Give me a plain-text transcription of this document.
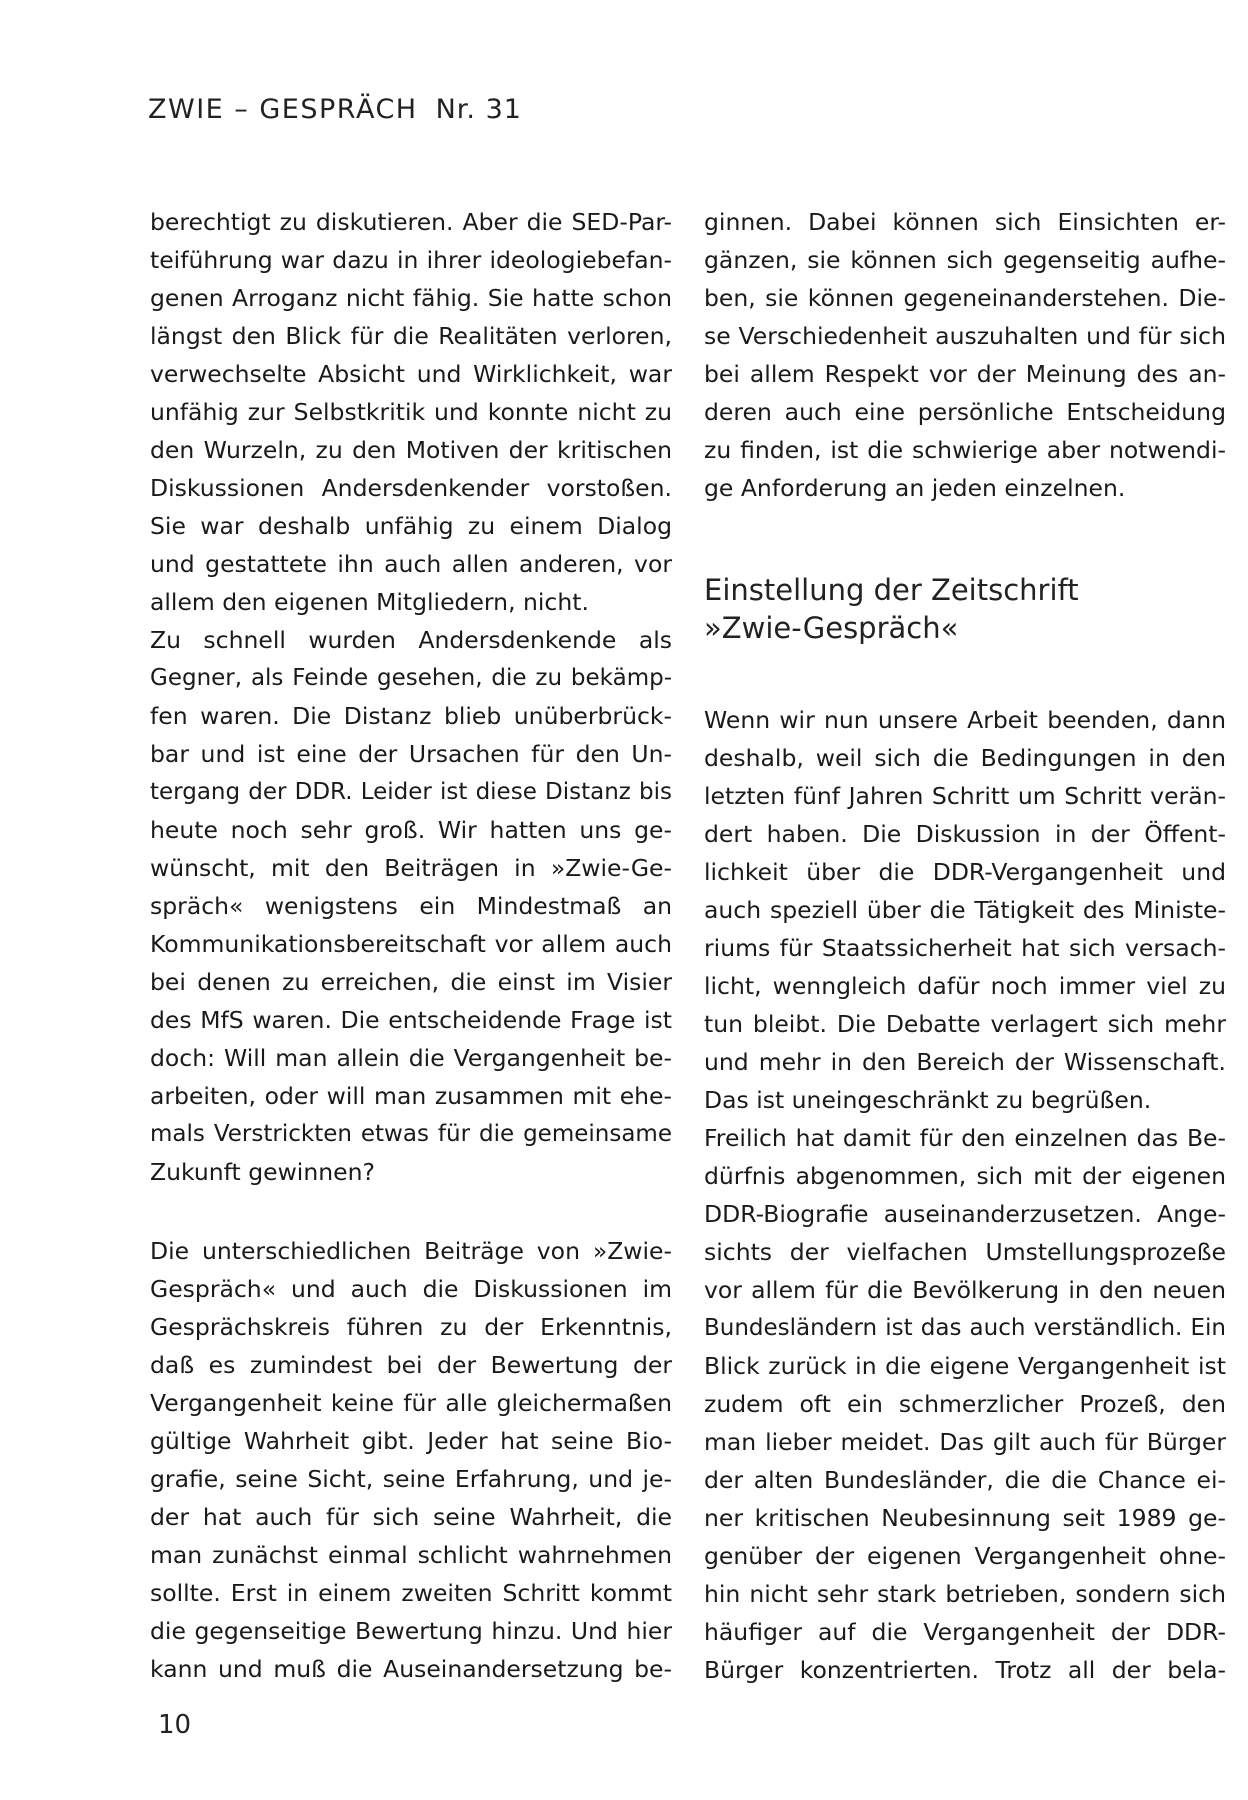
ZWIE – GESPRÄCH Nr. 31
berechtigt zu diskutieren. Aber die SED-Par-
teiführung war dazu in ihrer ideologiebefan-
genen Arroganz nicht fähig. Sie hatte schon
längst den Blick für die Realitäten verloren,
verwechselte Absicht und Wirklichkeit, war
unfähig zur Selbstkritik und konnte nicht zu
den Wurzeln, zu den Motiven der kritischen
Diskussionen Andersdenkender vorstoßen.
Sie war deshalb unfähig zu einem Dialog
und gestattete ihn auch allen anderen, vor
allem den eigenen Mitgliedern, nicht.
Zu schnell wurden Andersdenkende als
Gegner, als Feinde gesehen, die zu bekämp-
fen waren. Die Distanz blieb unüberbrück-
bar und ist eine der Ursachen für den Un-
tergang der DDR. Leider ist diese Distanz bis
heute noch sehr groß. Wir hatten uns ge-
wünscht, mit den Beiträgen in »Zwie-Ge-
spräch« wenigstens ein Mindestmaß an
Kommunikationsbereitschaft vor allem auch
bei denen zu erreichen, die einst im Visier
des MfS waren. Die entscheidende Frage ist
doch: Will man allein die Vergangenheit be-
arbeiten, oder will man zusammen mit ehe-
mals Verstrickten etwas für die gemeinsame
Zukunft gewinnen?
Die unterschiedlichen Beiträge von »Zwie-
Gespräch« und auch die Diskussionen im
Gesprächskreis führen zu der Erkenntnis,
daß es zumindest bei der Bewertung der
Vergangenheit keine für alle gleichermaßen
gültige Wahrheit gibt. Jeder hat seine Bio-
grafie, seine Sicht, seine Erfahrung, und je-
der hat auch für sich seine Wahrheit, die
man zunächst einmal schlicht wahrnehmen
sollte. Erst in einem zweiten Schritt kommt
die gegenseitige Bewertung hinzu. Und hier
kann und muß die Auseinandersetzung be-
ginnen. Dabei können sich Einsichten er-
gänzen, sie können sich gegenseitig aufhe-
ben, sie können gegeneinanderstehen. Die-
se Verschiedenheit auszuhalten und für sich
bei allem Respekt vor der Meinung des an-
deren auch eine persönliche Entscheidung
zu finden, ist die schwierige aber notwendi-
ge Anforderung an jeden einzelnen.
Einstellung der Zeitschrift
»Zwie-Gespräch«
Wenn wir nun unsere Arbeit beenden, dann
deshalb, weil sich die Bedingungen in den
letzten fünf Jahren Schritt um Schritt verän-
dert haben. Die Diskussion in der Öffent-
lichkeit über die DDR-Vergangenheit und
auch speziell über die Tätigkeit des Ministe-
riums für Staatssicherheit hat sich versach-
licht, wenngleich dafür noch immer viel zu
tun bleibt. Die Debatte verlagert sich mehr
und mehr in den Bereich der Wissenschaft.
Das ist uneingeschränkt zu begrüßen.
Freilich hat damit für den einzelnen das Be-
dürfnis abgenommen, sich mit der eigenen
DDR-Biografie auseinanderzusetzen. Ange-
sichts der vielfachen Umstellungsprozeße
vor allem für die Bevölkerung in den neuen
Bundesländern ist das auch verständlich. Ein
Blick zurück in die eigene Vergangenheit ist
zudem oft ein schmerzlicher Prozeß, den
man lieber meidet. Das gilt auch für Bürger
der alten Bundesländer, die die Chance ei-
ner kritischen Neubesinnung seit 1989 ge-
genüber der eigenen Vergangenheit ohne-
hin nicht sehr stark betrieben, sondern sich
häufiger auf die Vergangenheit der DDR-
Bürger konzentrierten. Trotz all der bela-
10
